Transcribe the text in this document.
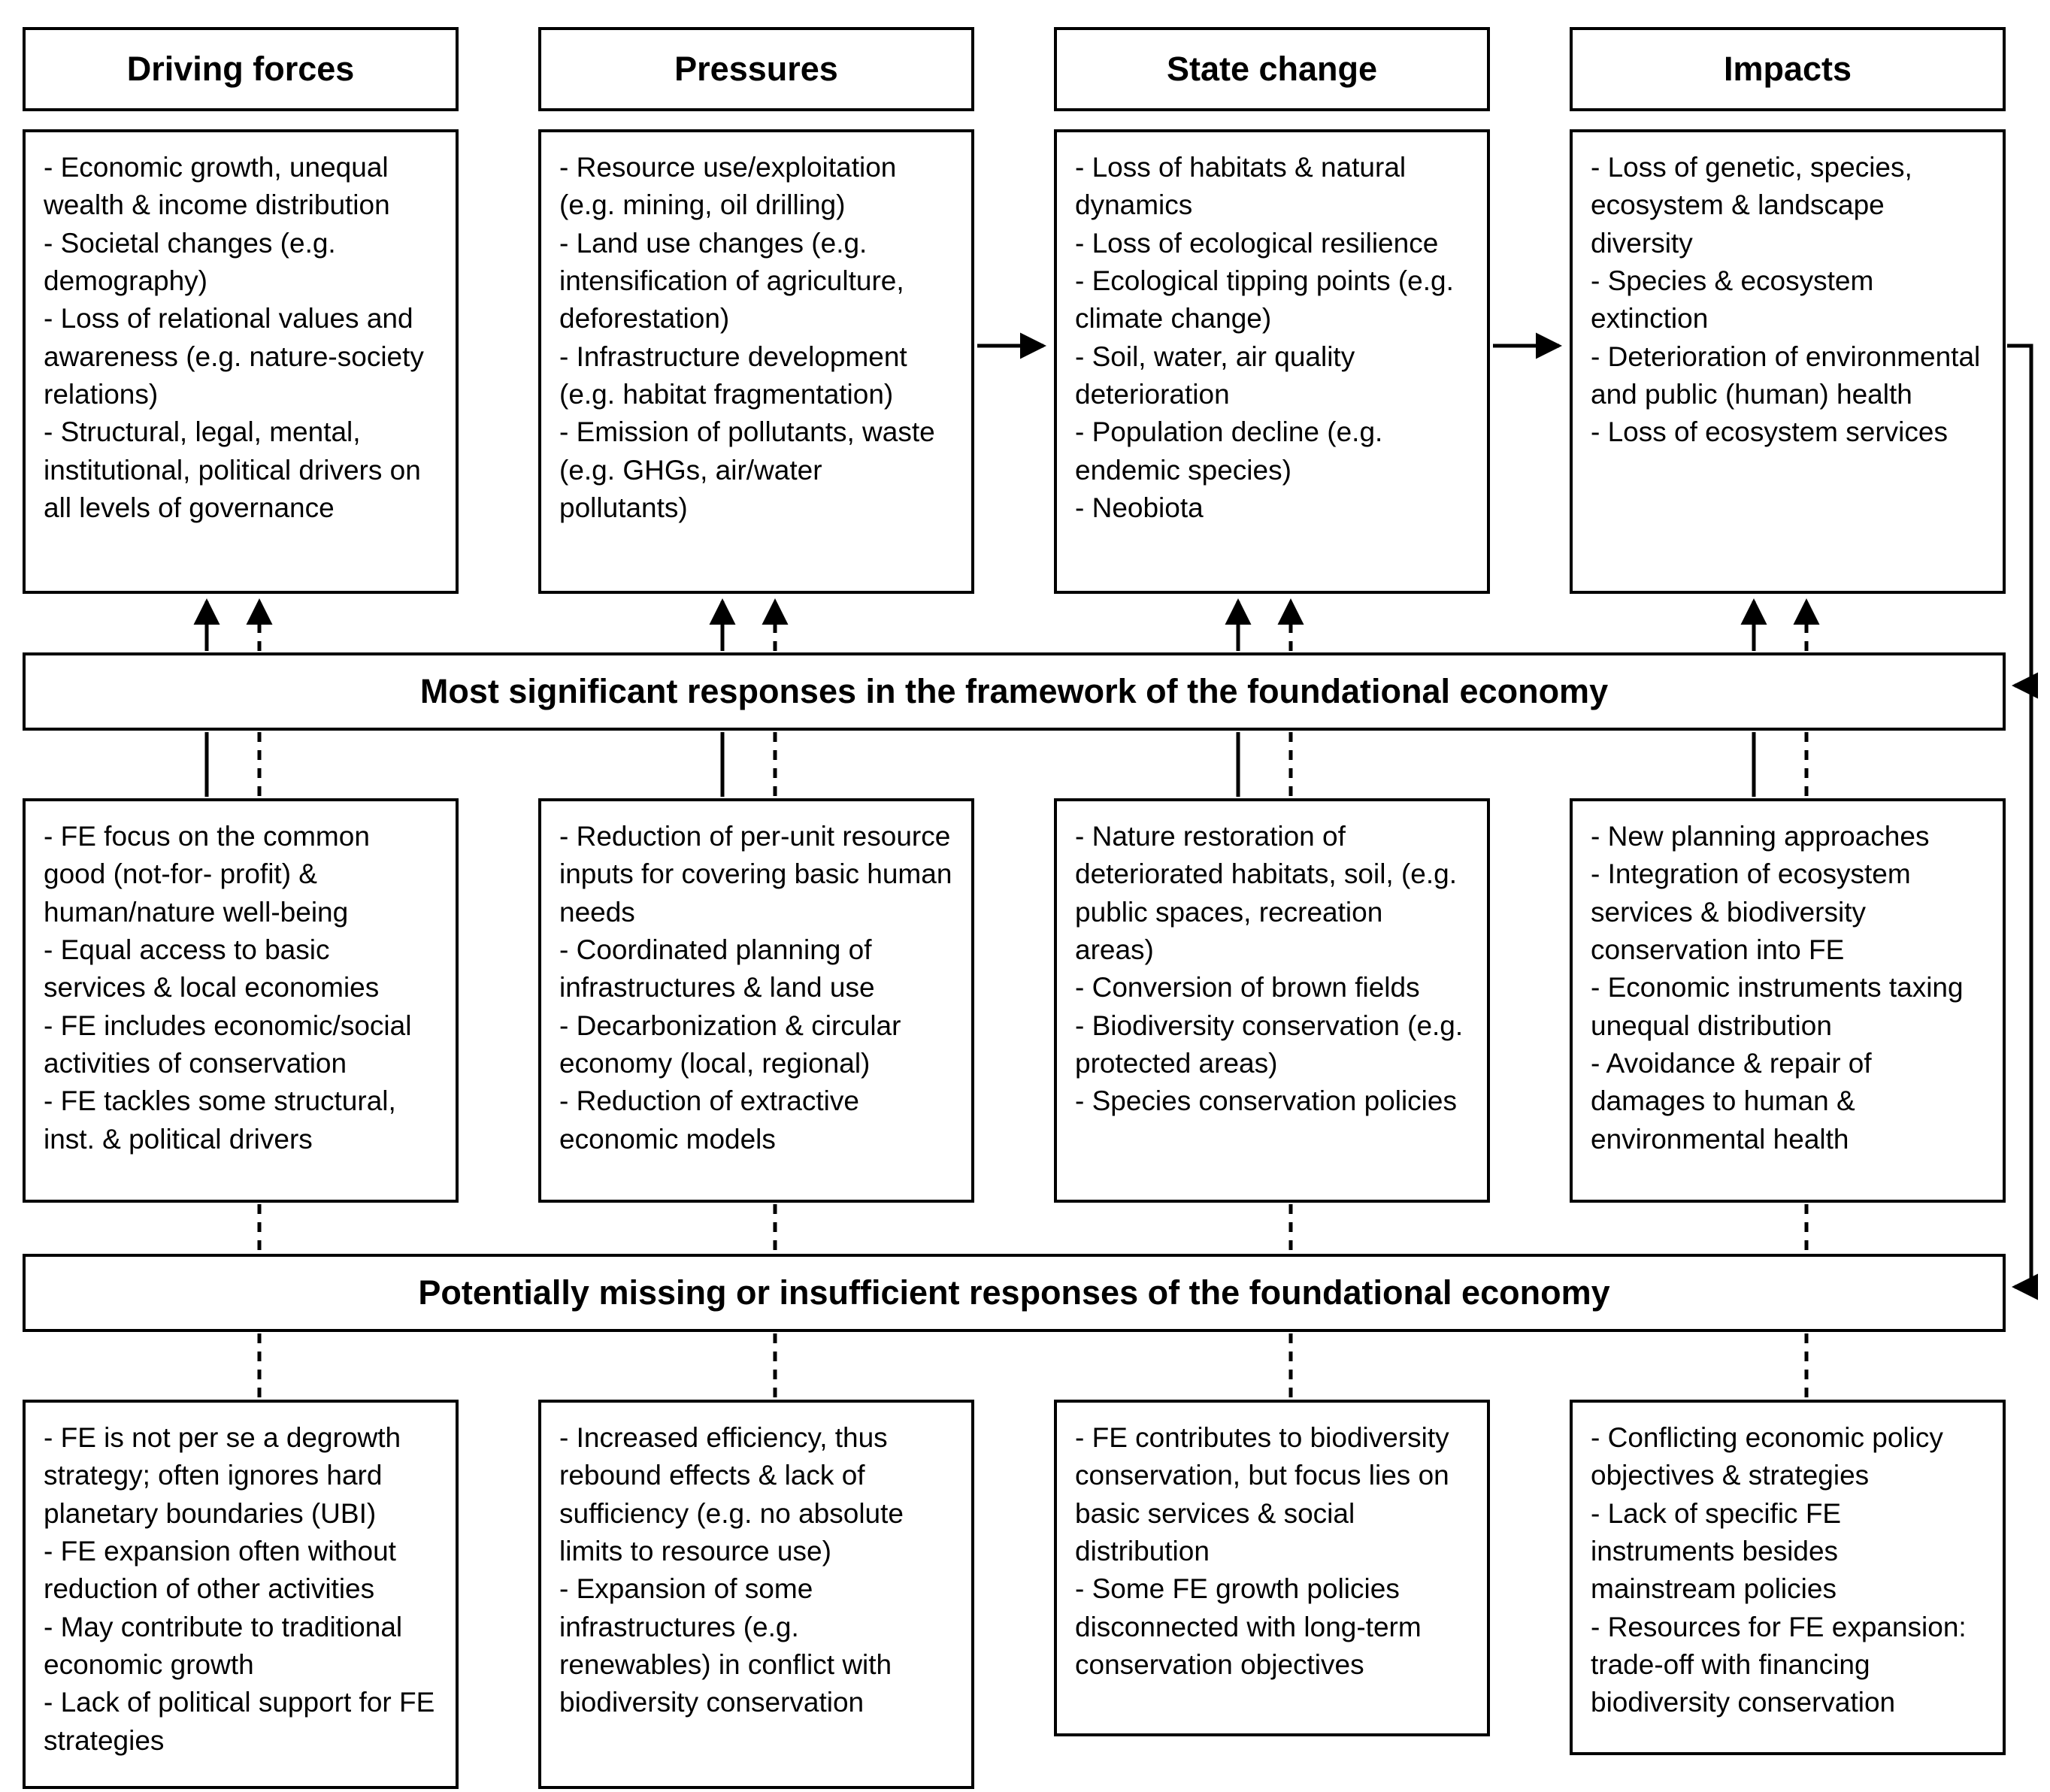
Driving forces	Pressures	State change	Impacts
- Economic growth, unequal wealth & income distribution
- Societal changes (e.g. demography)
- Loss of relational values and awareness (e.g. nature-society relations)
- Structural, legal, mental, institutional, political drivers on all levels of governance
- Resource use/exploitation (e.g. mining, oil drilling)
- Land use changes (e.g. intensification of agriculture, deforestation)
- Infrastructure development (e.g. habitat fragmentation)
- Emission of pollutants, waste (e.g. GHGs, air/water pollutants)
- Loss of habitats & natural dynamics
- Loss of ecological resilience
- Ecological tipping points (e.g. climate change)
- Soil, water, air quality deterioration
- Population decline (e.g. endemic species)
- Neobiota
- Loss of genetic, species, ecosystem & landscape diversity
- Species & ecosystem extinction
- Deterioration of environmental and public (human) health
- Loss of ecosystem services
Most significant responses in the framework of the foundational economy
- FE focus on the common good (not-for- profit) & human/nature well-being
- Equal access to basic services & local economies
- FE includes economic/social activities of conservation
- FE tackles some structural, inst. & political drivers
- Reduction of per-unit resource inputs for covering basic human needs
- Coordinated planning of infrastructures & land use
- Decarbonization & circular economy (local, regional)
- Reduction of extractive economic models
- Nature restoration of deteriorated habitats, soil, (e.g. public spaces, recreation areas)
- Conversion of brown fields
- Biodiversity conservation (e.g. protected areas)
- Species conservation policies
- New planning approaches
- Integration of ecosystem services & biodiversity conservation into FE
- Economic instruments taxing unequal distribution
- Avoidance & repair of damages to human & environmental health
Potentially missing or insufficient responses of the foundational economy
- FE is not per se a degrowth strategy; often ignores hard planetary boundaries (UBI)
- FE expansion often without reduction of other activities
- May contribute to traditional economic growth
- Lack of political support for FE strategies
- Increased efficiency, thus rebound effects & lack of sufficiency (e.g. no absolute limits to resource use)
- Expansion of some infrastructures (e.g. renewables) in conflict with biodiversity conservation
- FE contributes to biodiversity conservation, but focus lies on basic services & social distribution
- Some FE growth policies disconnected with long-term conservation objectives
- Conflicting economic policy objectives & strategies
- Lack of specific FE instruments besides mainstream policies
- Resources for FE expansion: trade-off with financing biodiversity conservation
